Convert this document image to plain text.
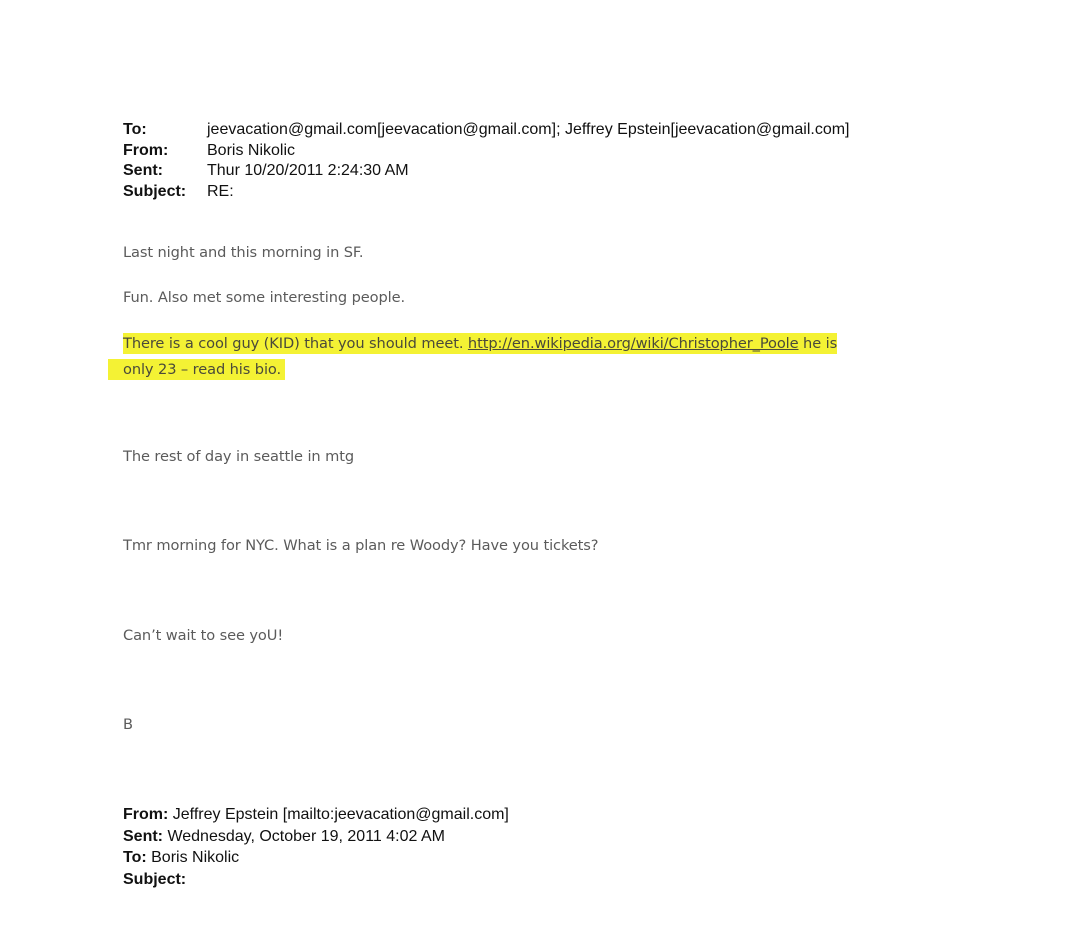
To:	jeevacation@gmail.com[jeevacation@gmail.com]; Jeffrey Epstein[jeevacation@gmail.com]
From:	Boris Nikolic
Sent:	Thur 10/20/2011 2:24:30 AM
Subject:	RE:
Last night and this morning in SF.
Fun. Also met some interesting people.
There is a cool guy (KID) that you should meet. http://en.wikipedia.org/wiki/Christopher_Poole he is
only 23 – read his bio.
The rest of day in seattle in mtg
Tmr morning for NYC. What is a plan re Woody? Have you tickets?
Can’t wait to see yoU!
B
From: Jeffrey Epstein [mailto:jeevacation@gmail.com]
Sent: Wednesday, October 19, 2011 4:02 AM
To: Boris Nikolic
Subject:
